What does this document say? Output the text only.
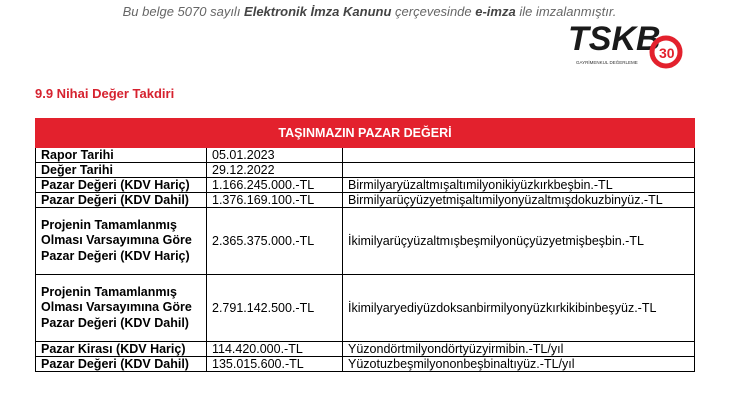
Bu belge 5070 sayılı Elektronik İmza Kanunu çerçevesinde e-imza ile imzalanmıştır.
TSKB
30
GAYRİMENKUL DEĞERLEME
9.9 Nihai Değer Takdiri
TAŞINMAZIN PAZAR DEĞERİ		
Rapor Tarihi	05.01.2023	
Değer Tarihi	29.12.2022	
Pazar Değeri (KDV Hariç)	1.166.245.000.-TL	Birmilyaryüzaltmışaltımilyonikiyüzkırkbeşbin.-TL
Pazar Değeri (KDV Dahil)	1.376.169.100.-TL	Birmilyarüçyüzyetmişaltımilyonyüzaltmışdokuzbinyüz.-TL
Projenin Tamamlanmış Olması Varsayımına Göre Pazar Değeri (KDV Hariç)	2.365.375.000.-TL	İkimilyarüçyüzaltmışbeşmilyonüçyüzyetmişbeşbin.-TL
Projenin Tamamlanmış Olması Varsayımına Göre Pazar Değeri (KDV Dahil)	2.791.142.500.-TL	İkimilyaryediyüzdoksanbirmilyonyüzkırkikibinbeşyüz.-TL
Pazar Kirası (KDV Hariç)	114.420.000.-TL	Yüzondörtmilyondörtyüzyirmibin.-TL/yıl
Pazar Değeri (KDV Dahil)	135.015.600.-TL	Yüzotuzbeşmilyononbeşbinaltıyüz.-TL/yıl
